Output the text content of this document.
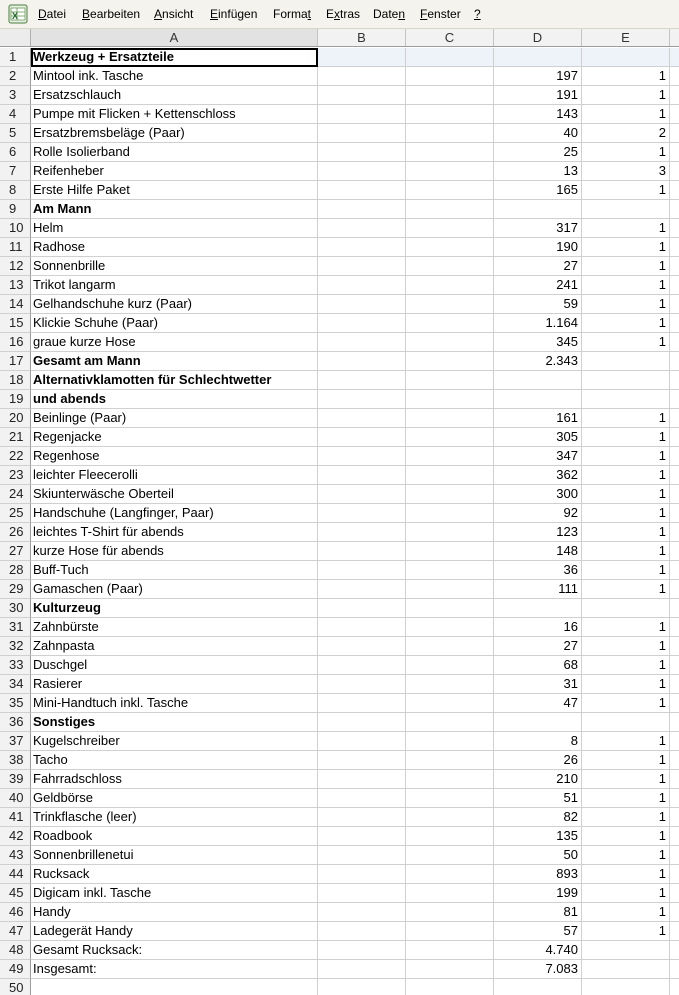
X Datei Bearbeiten Ansicht Einfügen Format Extras Daten Fenster ?
A	B	C	D	E
1	Werkzeug + Ersatzteile
2	Mintool ink. Tasche	197	1
3	Ersatzschlauch	191	1
4	Pumpe mit Flicken + Kettenschloss	143	1
5	Ersatzbremsbeläge (Paar)	40	2
6	Rolle Isolierband	25	1
7	Reifenheber	13	3
8	Erste Hilfe Paket	165	1
9	Am Mann
10 Helm	317	1
11 Radhose	190	1
12 Sonnenbrille	27	1
13 Trikot langarm	241	1
14 Gelhandschuhe kurz (Paar)	59	1
15 Klickie Schuhe (Paar)	1.164	1
16 graue kurze Hose	345	1
17 Gesamt am Mann	2.343
18 Alternativklamotten für Schlechtwetter
19 und abends
20 Beinlinge (Paar)	161	1
21 Regenjacke	305	1
22 Regenhose	347	1
23 leichter Fleecerolli	362	1
24 Skiunterwäsche Oberteil	300	1
25 Handschuhe (Langfinger, Paar)	92	1
26 leichtes T-Shirt für abends	123	1
27 kurze Hose für abends	148	1
28 Buff-Tuch	36	1
29 Gamaschen (Paar)	111	1
30 Kulturzeug
31 Zahnbürste	16	1
32 Zahnpasta	27	1
33 Duschgel	68	1
34 Rasierer	31	1
35 Mini-Handtuch inkl. Tasche	47	1
36 Sonstiges
37 Kugelschreiber	8	1
38 Tacho	26	1
39 Fahrradschloss	210	1
40 Geldbörse	51	1
41 Trinkflasche (leer)	82	1
42 Roadbook	135	1
43 Sonnenbrillenetui	50	1
44 Rucksack	893	1
45 Digicam inkl. Tasche	199	1
46 Handy	81	1
47 Ladegerät Handy	57	1
48 Gesamt Rucksack:	4.740
49 Insgesamt:	7.083
50
